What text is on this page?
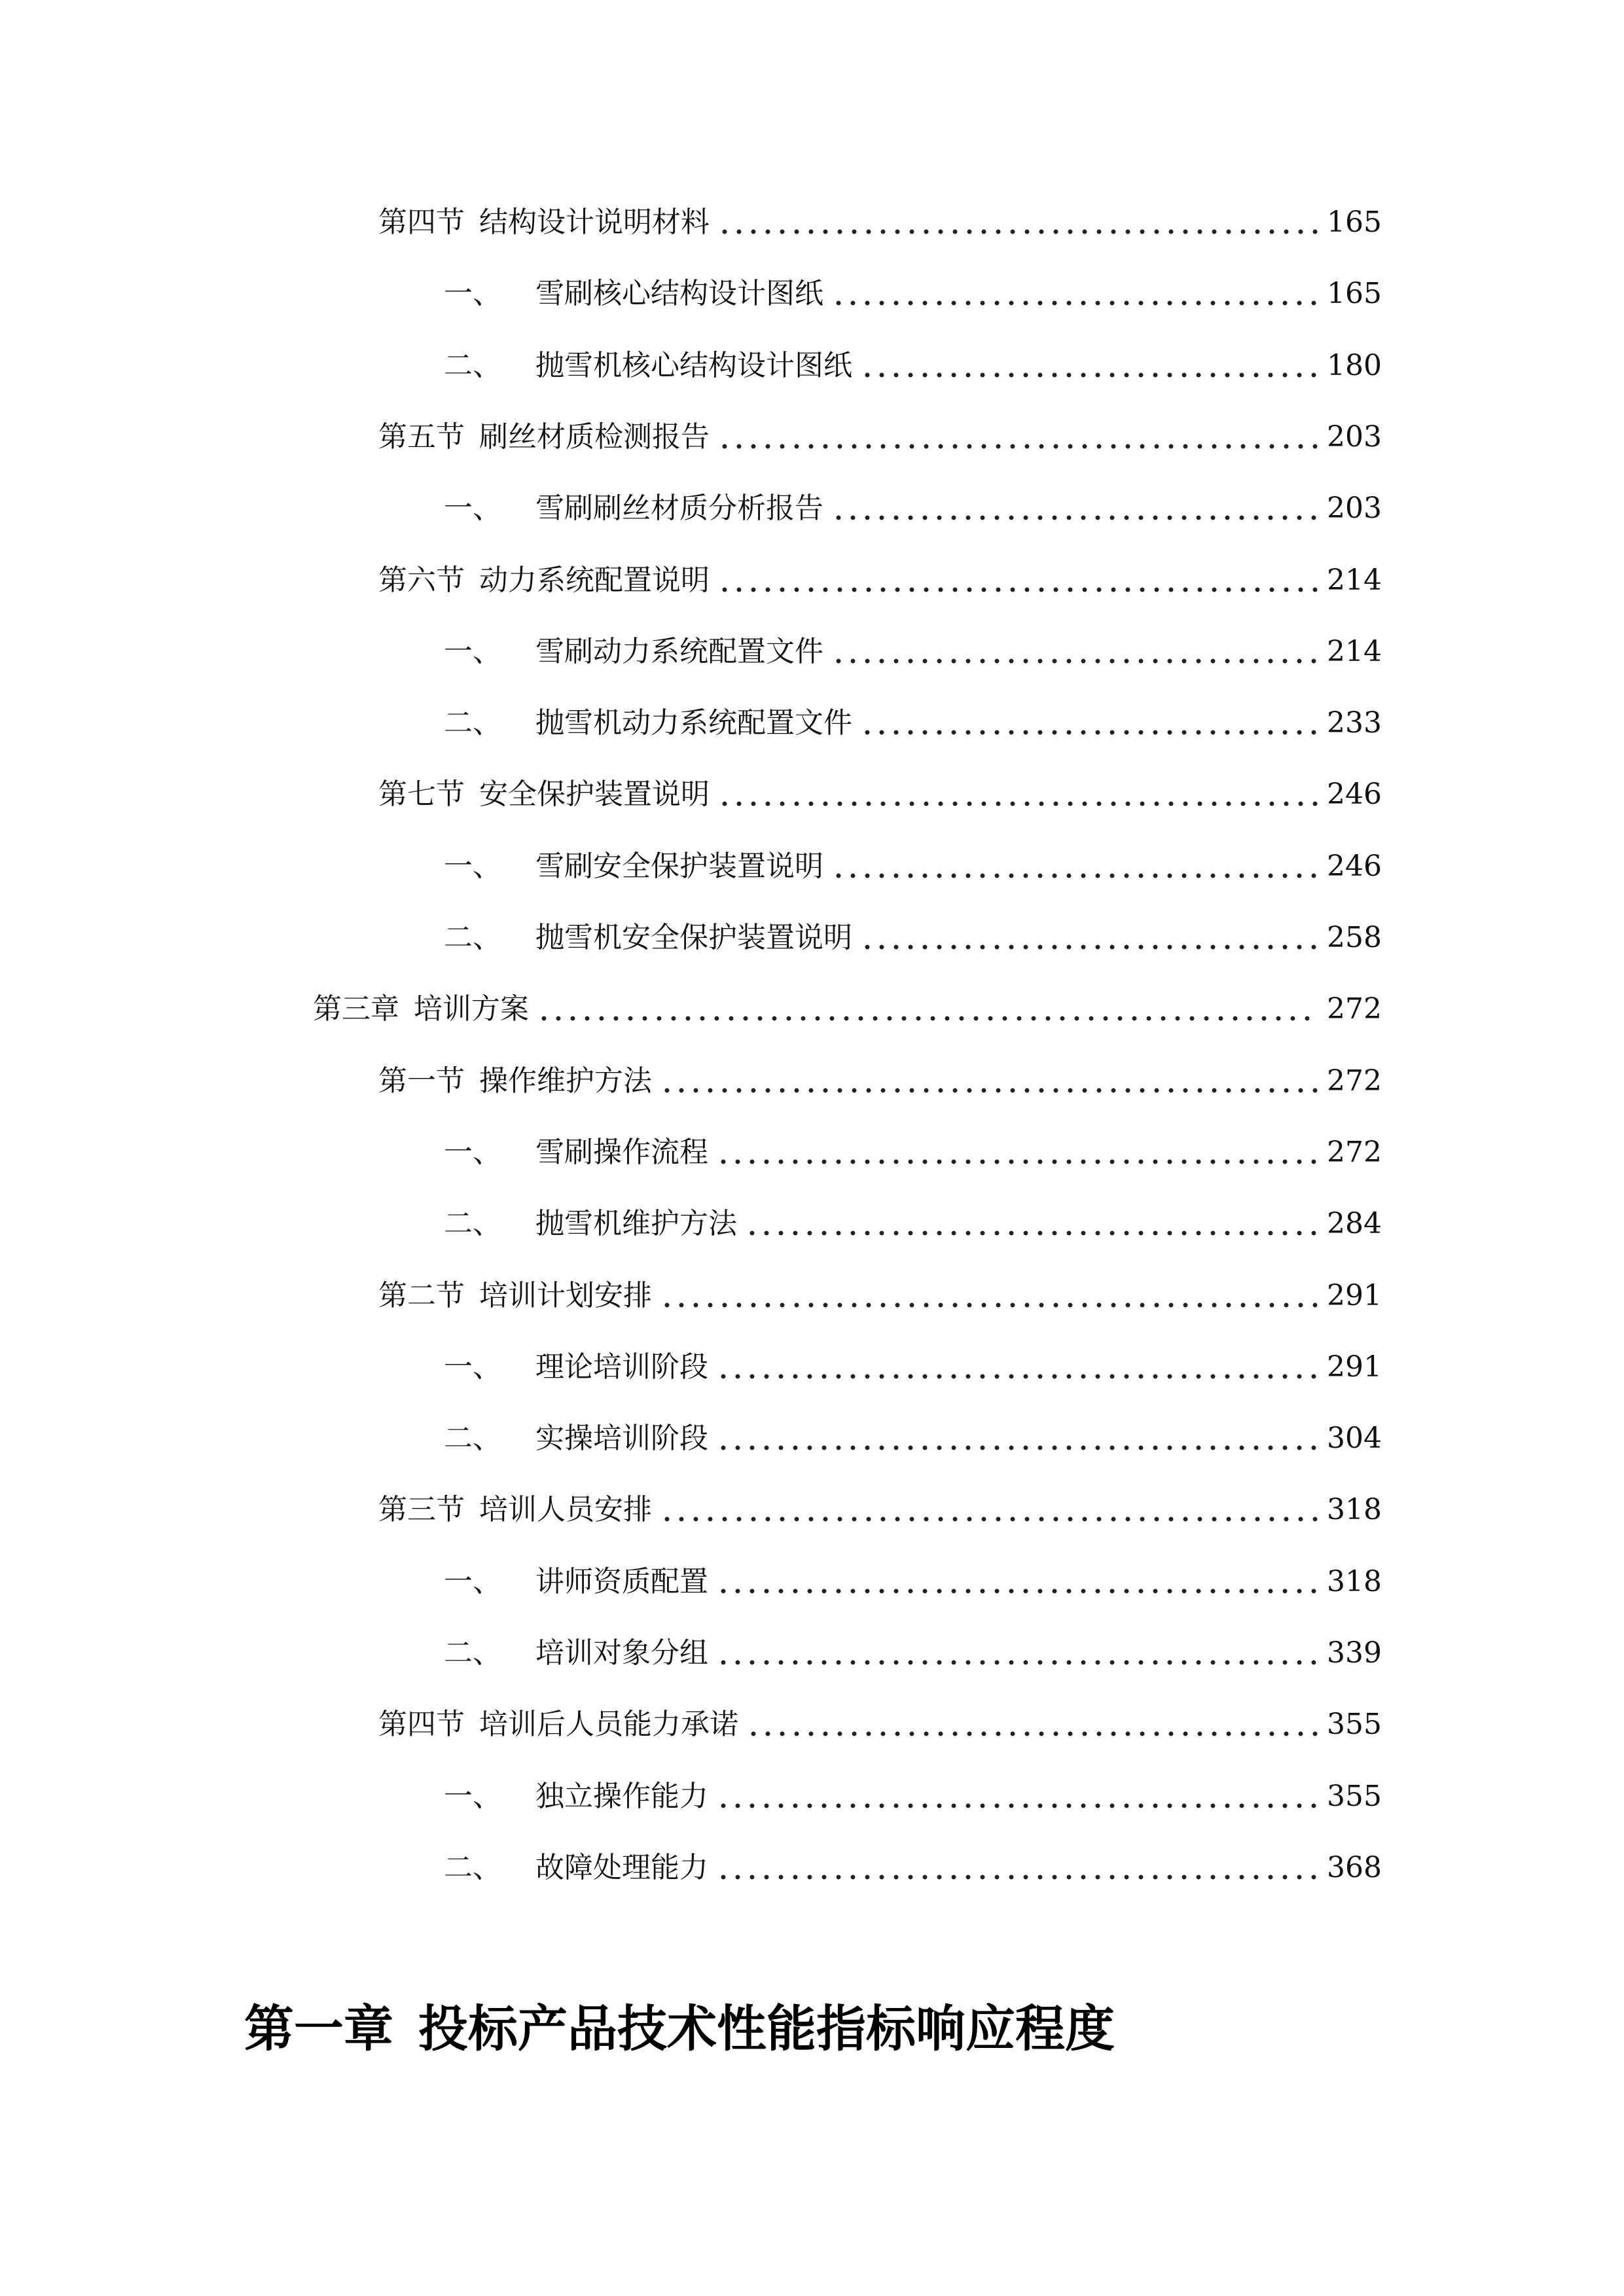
第四节 结构设计说明材料	165
一、 雪刷核心结构设计图纸	165
二、 抛雪机核心结构设计图纸	180
第五节 刷丝材质检测报告	203
一、 雪刷刷丝材质分析报告	203
第六节 动力系统配置说明	214
一、 雪刷动力系统配置文件	214
二、 抛雪机动力系统配置文件	233
第七节 安全保护装置说明	246
一、 雪刷安全保护装置说明	246
二、 抛雪机安全保护装置说明	258
第三章 培训方案	272
第一节 操作维护方法	272
一、 雪刷操作流程	272
二、 抛雪机维护方法	284
第二节 培训计划安排	291
一、 理论培训阶段	291
二、 实操培训阶段	304
第三节 培训人员安排	318
一、 讲师资质配置	318
二、 培训对象分组	339
第四节 培训后人员能力承诺	355
一、 独立操作能力	355
二、 故障处理能力	368
第一章 投标产品技术性能指标响应程度
